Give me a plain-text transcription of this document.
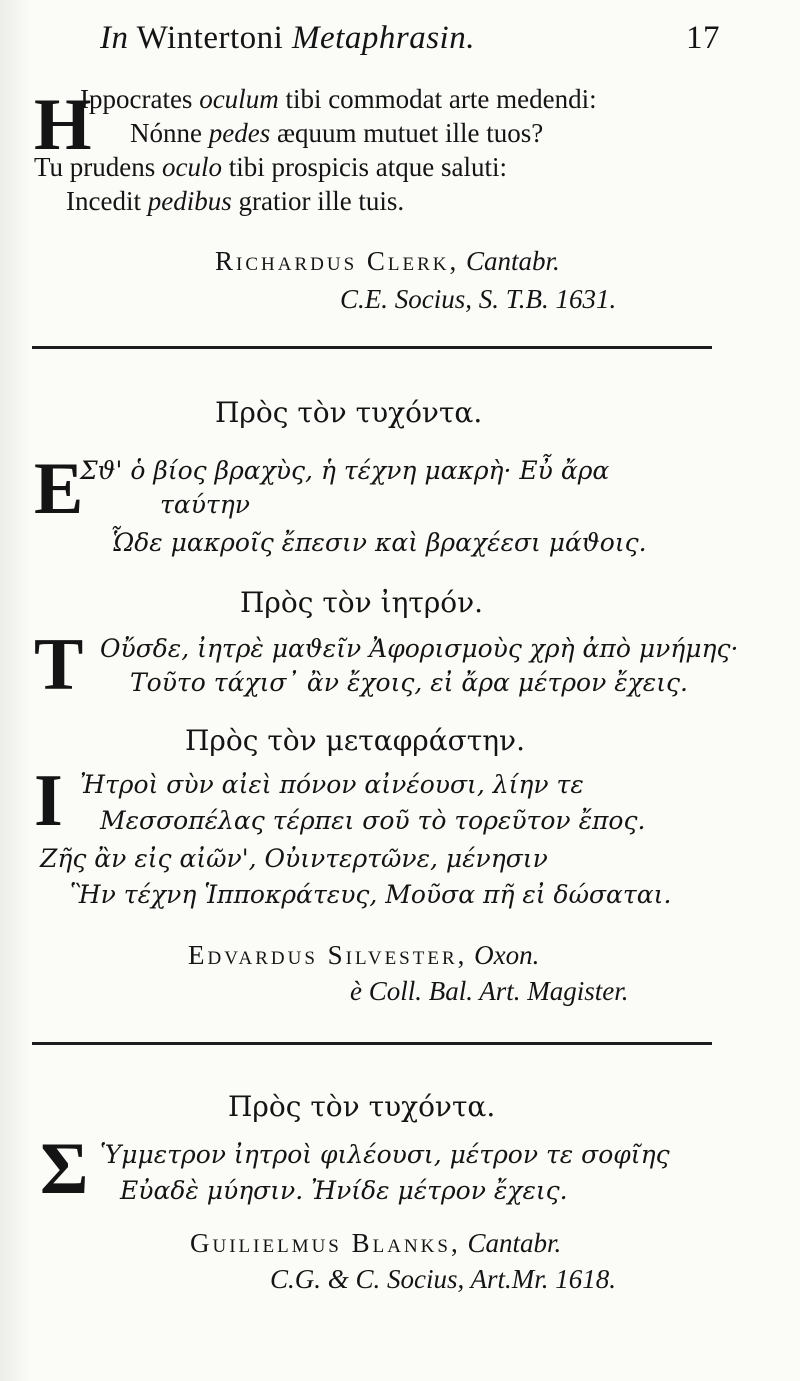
In Wintertoni Metaphrasin.	17
H
Ippocrates oculum tibi commodat arte medendi:
Nónne pedes æquum mutuet ille tuos?
Tu prudens oculo tibi prospicis atque saluti:
Incedit pedibus gratior ille tuis.
Richardus Clerk, Cantabr.
C.E. Socius, S. T.B. 1631.
Πρὸς τὸν τυχόντα.
E
Σϑ' ὁ βίος βραχὺς, ἡ τέχνη μακρὴ· Εὖ ἄρα
ταύτην
Ὧδε μακροῖς ἔπεσιν καὶ βραχέεσι μάϑοις.
Πρὸς τὸν ἰητρόν.
T Οὔσδε, ἰητρὲ μαϑεῖν Ἀφορισμοὺς χρὴ ἀπὸ μνήμης·
Τοῦτο τάχισ᾽ ἂν ἔχοις, εἰ ἄρα μέτρον ἔχεις.
Πρὸς τὸν μεταφράστην.
I Ἠτροὶ σὺν αἰεὶ πόνον αἰνέουσι, λίην τε
Μεσσοπέλας τέρπει σοῦ τὸ τορεῦτον ἔπος.
Ζῆς ἂν εἰς αἰῶν', Οὐιντερτῶνε, μένησιν
Ἣν τέχνη Ἱπποκράτευς, Μοῦσα πῆ εἰ δώσαται.
Edvardus Silvester, Oxon.
è Coll. Bal. Art. Magister.
Πρὸς τὸν τυχόντα.
Σ Ὑμμετρον ἰητροὶ φιλέουσι, μέτρον τε σοφῖης
Εὐαδὲ μύησιν. Ἠνίδε μέτρον ἔχεις.
Guilielmus Blanks, Cantabr.
C.G. & C. Socius, Art.Mr. 1618.
